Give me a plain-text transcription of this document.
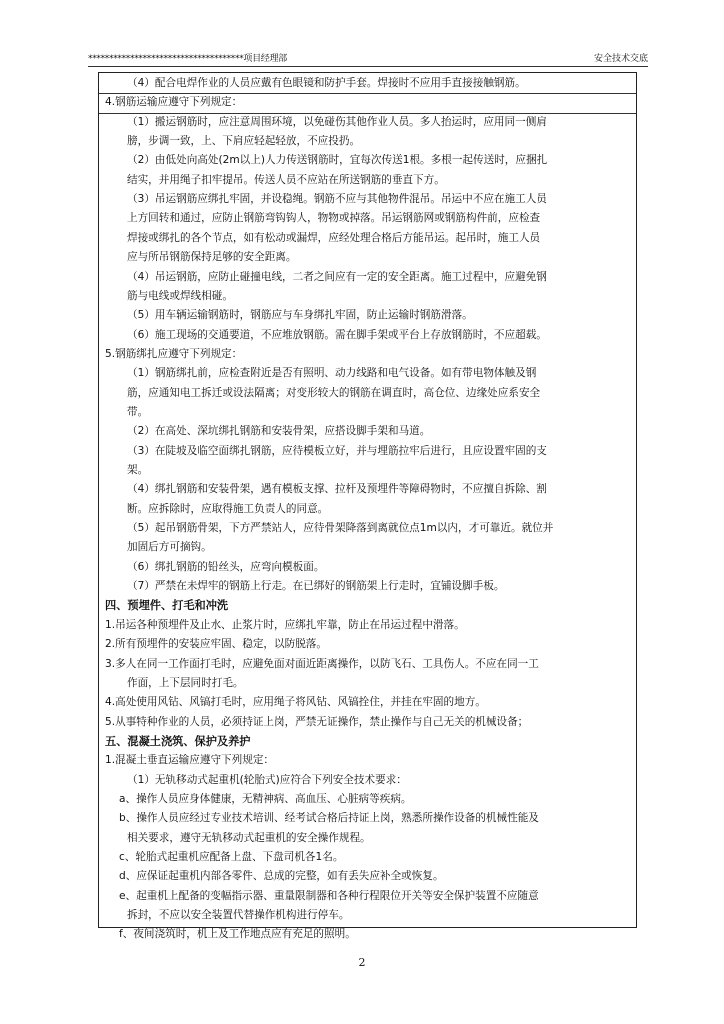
*************************************项目经理部	安全技术交底
（4）配合电焊作业的人员应戴有色眼镜和防护手套。焊接时不应用手直接接触钢筋。
4.钢筋运输应遵守下列规定：
（1）搬运钢筋时，应注意周围环境，以免碰伤其他作业人员。多人抬运时，应用同一侧肩
膀，步调一致，上、下肩应轻起轻放，不应投扔。
（2）由低处向高处(2m以上)人力传送钢筋时，宜每次传送1根。多根一起传送时，应捆扎
结实，并用绳子扣牢提吊。传送人员不应站在所送钢筋的垂直下方。
（3）吊运钢筋应绑扎牢固，并设稳绳。钢筋不应与其他物件混吊。吊运中不应在施工人员
上方回转和通过，应防止钢筋弯钩钩人，物物或掉落。吊运钢筋网或钢筋构件前，应检查
焊接或绑扎的各个节点，如有松动或漏焊，应经处理合格后方能吊运。起吊时，施工人员
应与所吊钢筋保持足够的安全距离。
（4）吊运钢筋，应防止碰撞电线，二者之间应有一定的安全距离。施工过程中，应避免钢
筋与电线或焊线相碰。
（5）用车辆运输钢筋时，钢筋应与车身绑扎牢固，防止运输时钢筋滑落。
（6）施工现场的交通要道，不应堆放钢筋。需在脚手架或平台上存放钢筋时，不应超载。
5.钢筋绑扎应遵守下列规定：
（1）钢筋绑扎前，应检查附近是否有照明、动力线路和电气设备。如有带电物体触及钢
筋，应通知电工拆迁或设法隔离；对变形较大的钢筋在调直时，高仓位、边缘处应系安全
带。
（2）在高处、深坑绑扎钢筋和安装骨架，应搭设脚手架和马道。
（3）在陡坡及临空面绑扎钢筋，应待模板立好，并与埋筋拉牢后进行，且应设置牢固的支
架。
（4）绑扎钢筋和安装骨架，遇有模板支撑、拉杆及预埋件等障碍物时，不应擅自拆除、割
断。应拆除时，应取得施工负责人的同意。
（5）起吊钢筋骨架，下方严禁站人，应待骨架降落到离就位点1m以内，才可靠近。就位并
加固后方可摘钩。
（6）绑扎钢筋的铅丝头，应弯向模板面。
（7）严禁在未焊牢的钢筋上行走。在已绑好的钢筋架上行走时，宜铺设脚手板。
四、预埋件、打毛和冲洗
1.吊运各种预埋件及止水、止浆片时，应绑扎牢靠，防止在吊运过程中滑落。
2.所有预埋件的安装应牢固、稳定，以防脱落。
3.多人在同一工作面打毛时，应避免面对面近距离操作，以防飞石、工具伤人。不应在同一工
作面，上下层同时打毛。
4.高处使用风钻、风镐打毛时，应用绳子将风钻、风镐拴住，并挂在牢固的地方。
5.从事特种作业的人员，必须持证上岗，严禁无证操作，禁止操作与自己无关的机械设备；
五、混凝土浇筑、保护及养护
1.混凝土垂直运输应遵守下列规定：
（1）无轨移动式起重机(轮胎式)应符合下列安全技术要求：
a、操作人员应身体健康，无精神病、高血压、心脏病等疾病。
b、操作人员应经过专业技术培训、经考试合格后持证上岗，熟悉所操作设备的机械性能及
相关要求，遵守无轨移动式起重机的安全操作规程。
c、轮胎式起重机应配备上盘、下盘司机各1名。
d、应保证起重机内部各零件、总成的完整，如有丢失应补全或恢复。
e、起重机上配备的变幅指示器、重量限制器和各种行程限位开关等安全保护装置不应随意
拆封，不应以安全装置代替操作机构进行停车。
f、夜间浇筑时，机上及工作地点应有充足的照明。
2
